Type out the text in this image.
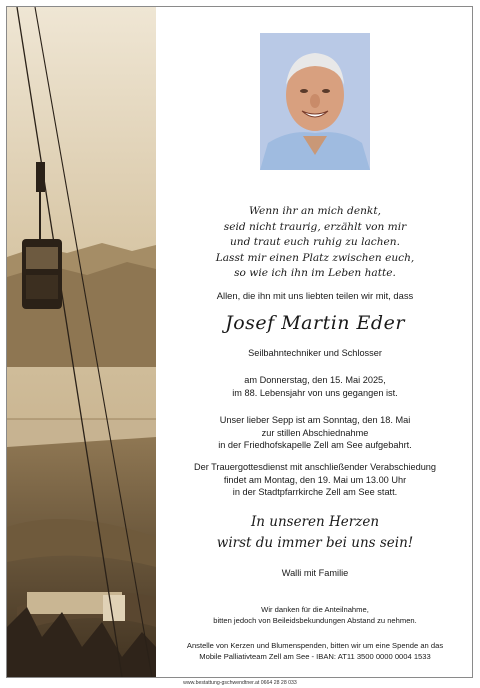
Wenn ihr an mich denkt,
seid nicht traurig, erzählt von mir
und traut euch ruhig zu lachen.
Lasst mir einen Platz zwischen euch,
so wie ich ihn im Leben hatte.
Allen, die ihn mit uns liebten teilen wir mit, dass
Josef Martin Eder
Seilbahntechniker und Schlosser
am Donnerstag, den 15. Mai 2025,
im 88. Lebensjahr von uns gegangen ist.
Unser lieber Sepp ist am Sonntag, den 18. Mai
zur stillen Abschiednahme
in der Friedhofskapelle Zell am See aufgebahrt.
Der Trauergottesdienst mit anschließender Verabschiedung
findet am Montag, den 19. Mai um 13.00 Uhr
in der Stadtpfarrkirche Zell am See statt.
In unseren Herzen
wirst du immer bei uns sein!
Walli mit Familie
Wir danken für die Anteilnahme,
bitten jedoch von Beileidsbekundungen Abstand zu nehmen.
Anstelle von Kerzen und Blumenspenden, bitten wir um eine Spende an das
Mobile Palliativteam Zell am See - IBAN: AT11 3500 0000 0004 1533
www.bestattung-gschwendtner.at 0664 28 28 033
